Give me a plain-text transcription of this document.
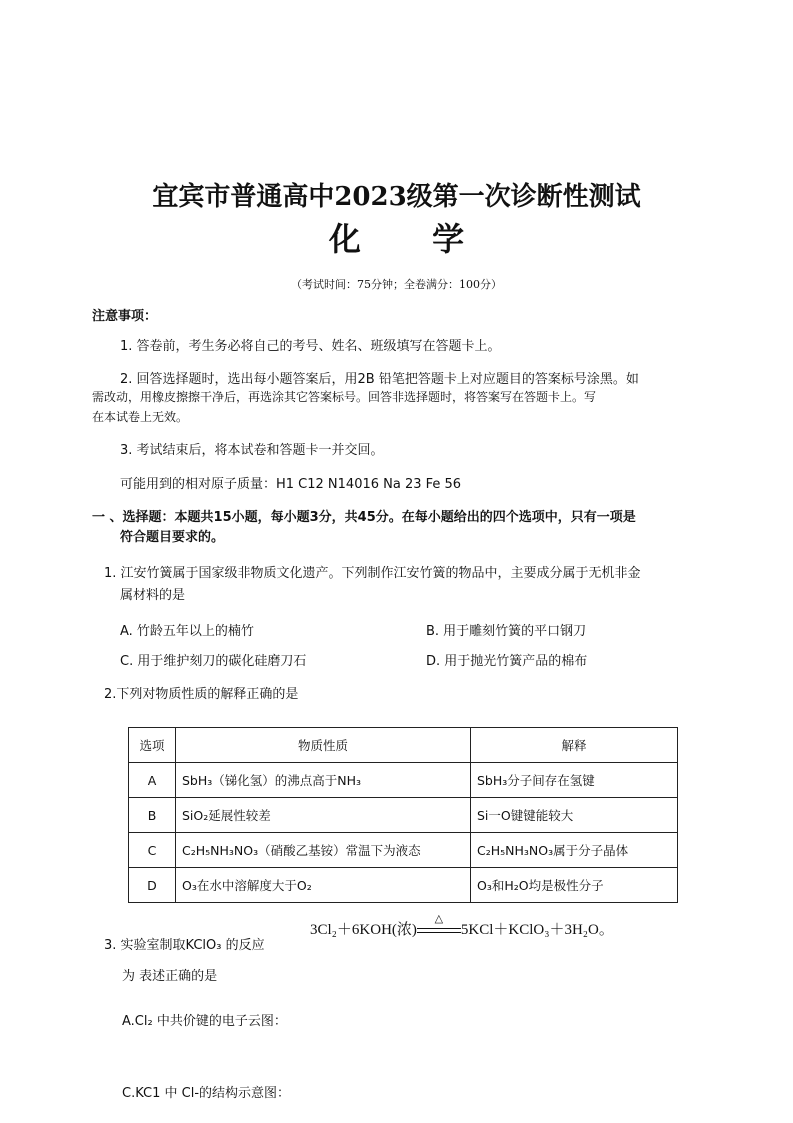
宜宾市普通高中2023级第一次诊断性测试
化 学
（考试时间：75分钟；全卷满分：100分）
注意事项：
1. 答卷前，考生务必将自己的考号、姓名、班级填写在答题卡上。
2. 回答选择题时，选出每小题答案后，用2B 铅笔把答题卡上对应题目的答案标号涂黑。如
需改动，用橡皮擦擦干净后，再选涂其它答案标号。回答非选择题时，将答案写在答题卡上。写
在本试卷上无效。
3. 考试结束后，将本试卷和答题卡一并交回。
可能用到的相对原子质量：H1 C12 N14016 Na 23 Fe 56
一 、选择题：本题共15小题，每小题3分，共45分。在每小题给出的四个选项中，只有一项是
符合题目要求的。
1. 江安竹簧属于国家级非物质文化遗产。下列制作江安竹簧的物品中，主要成分属于无机非金
属材料的是
A. 竹龄五年以上的楠竹	B. 用于雕刻竹簧的平口钢刀
C. 用于维护刻刀的碳化硅磨刀石	D. 用于抛光竹簧产品的棉布
2.下列对物质性质的解释正确的是
选项	物质性质	解释
A	SbH₃（锑化氢）的沸点高于NH₃	SbH₃分子间存在氢键
B	SiO₂延展性较差	Si一O键键能较大
C	C₂H₅NH₃NO₃（硝酸乙基铵）常温下为液态	C₂H₅NH₃NO₃属于分子晶体
D	O₃在水中溶解度大于O₂	O₃和H₂O均是极性分子
3. 实验室制取KClO₃ 的反应
3Cl₂＋6KOH(浓)
△
5KCl＋KClO₃＋3H₂O。
为 表述正确的是
A.Cl₂ 中共价键的电子云图：
C.KC1 中 Cl-的结构示意图：
